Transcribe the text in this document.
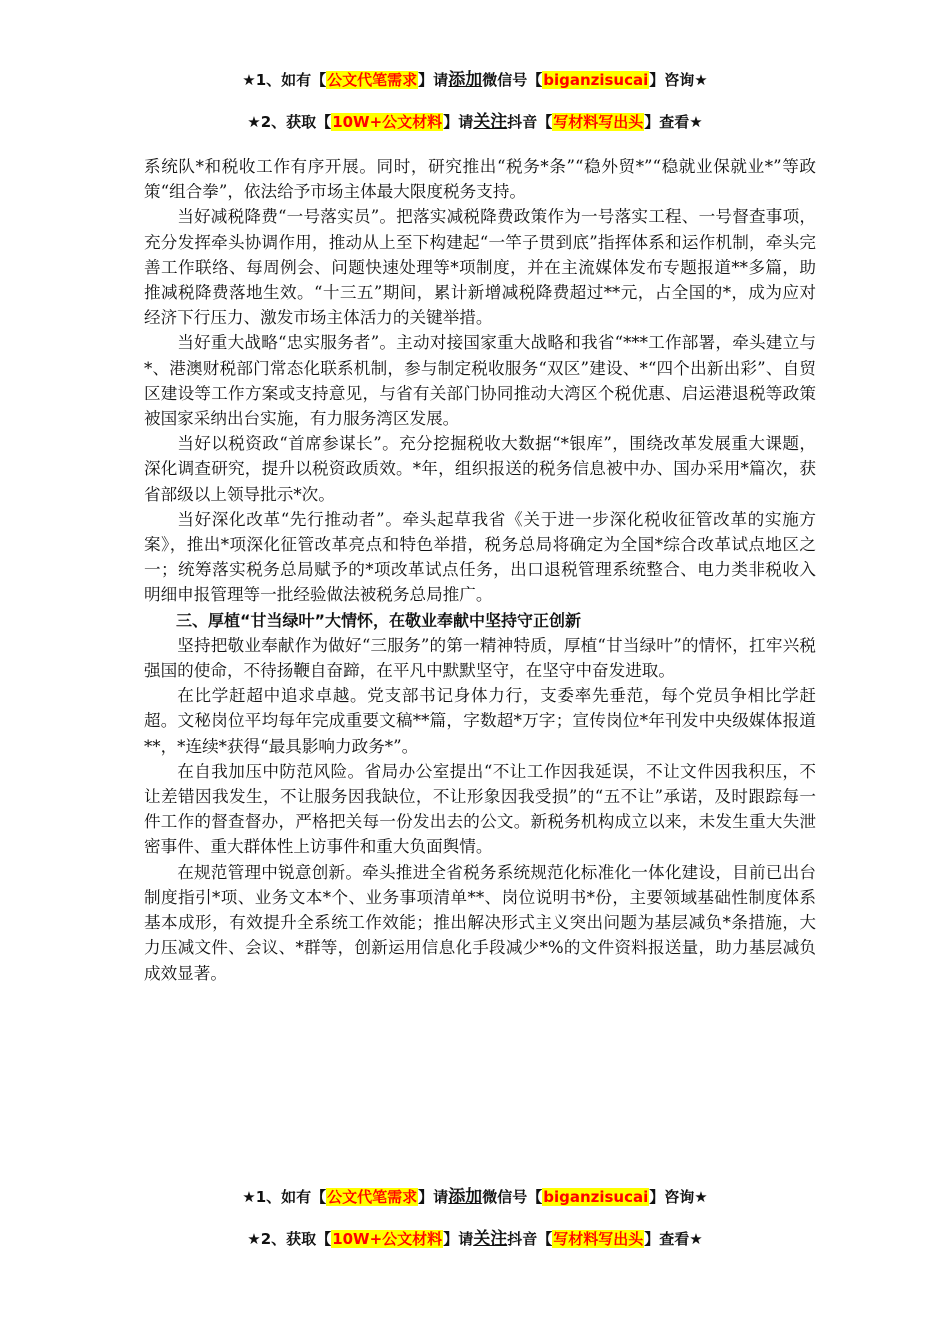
★1、如有【公文代笔需求】请添加微信号【biganzisucai】咨询★
★2、获取【10W+公文材料】请关注抖音【写材料写出头】查看★

系统队*和税收工作有序开展。同时，研究推出“税务*条”“稳外贸*”“稳就业保就业*”等政策“组合拳”，依法给予市场主体最大限度税务支持。

当好减税降费“一号落实员”。把落实减税降费政策作为一号落实工程、一号督查事项，充分发挥牵头协调作用，推动从上至下构建起“一竿子贯到底”指挥体系和运作机制，牵头完善工作联络、每周例会、问题快速处理等*项制度，并在主流媒体发布专题报道**多篇，助推减税降费落地生效。“十三五”期间，累计新增减税降费超过**元，占全国的*，成为应对经济下行压力、激发市场主体活力的关键举措。

当好重大战略“忠实服务者”。主动对接国家重大战略和我省“***工作部署，牵头建立与*、港澳财税部门常态化联系机制，参与制定税收服务“双区”建设、*“四个出新出彩”、自贸区建设等工作方案或支持意见，与省有关部门协同推动大湾区个税优惠、启运港退税等政策被国家采纳出台实施，有力服务湾区发展。

当好以税资政“首席参谋长”。充分挖掘税收大数据“*银库”，围绕改革发展重大课题，深化调查研究，提升以税资政质效。*年，组织报送的税务信息被中办、国办采用*篇次，获省部级以上领导批示*次。

当好深化改革“先行推动者”。牵头起草我省《关于进一步深化税收征管改革的实施方案》，推出*项深化征管改革亮点和特色举措，税务总局将确定为全国*综合改革试点地区之一；统筹落实税务总局赋予的*项改革试点任务，出口退税管理系统整合、电力类非税收入明细申报管理等一批经验做法被税务总局推广。

三、厚植“甘当绿叶”大情怀，在敬业奉献中坚持守正创新

坚持把敬业奉献作为做好“三服务”的第一精神特质，厚植“甘当绿叶”的情怀，扛牢兴税强国的使命，不待扬鞭自奋蹄，在平凡中默默坚守，在坚守中奋发进取。

在比学赶超中追求卓越。党支部书记身体力行，支委率先垂范，每个党员争相比学赶超。文秘岗位平均每年完成重要文稿**篇，字数超*万字；宣传岗位*年刊发中央级媒体报道**，*连续*获得“最具影响力政务*”。

在自我加压中防范风险。省局办公室提出“不让工作因我延误，不让文件因我积压，不让差错因我发生，不让服务因我缺位，不让形象因我受损”的“五不让”承诺，及时跟踪每一件工作的督查督办，严格把关每一份发出去的公文。新税务机构成立以来，未发生重大失泄密事件、重大群体性上访事件和重大负面舆情。

在规范管理中锐意创新。牵头推进全省税务系统规范化标准化一体化建设，目前已出台制度指引*项、业务文本*个、业务事项清单**、岗位说明书*份，主要领域基础性制度体系基本成形，有效提升全系统工作效能；推出解决形式主义突出问题为基层减负*条措施，大力压减文件、会议、*群等，创新运用信息化手段减少*%的文件资料报送量，助力基层减负成效显著。

★1、如有【公文代笔需求】请添加微信号【biganzisucai】咨询★
★2、获取【10W+公文材料】请关注抖音【写材料写出头】查看★
